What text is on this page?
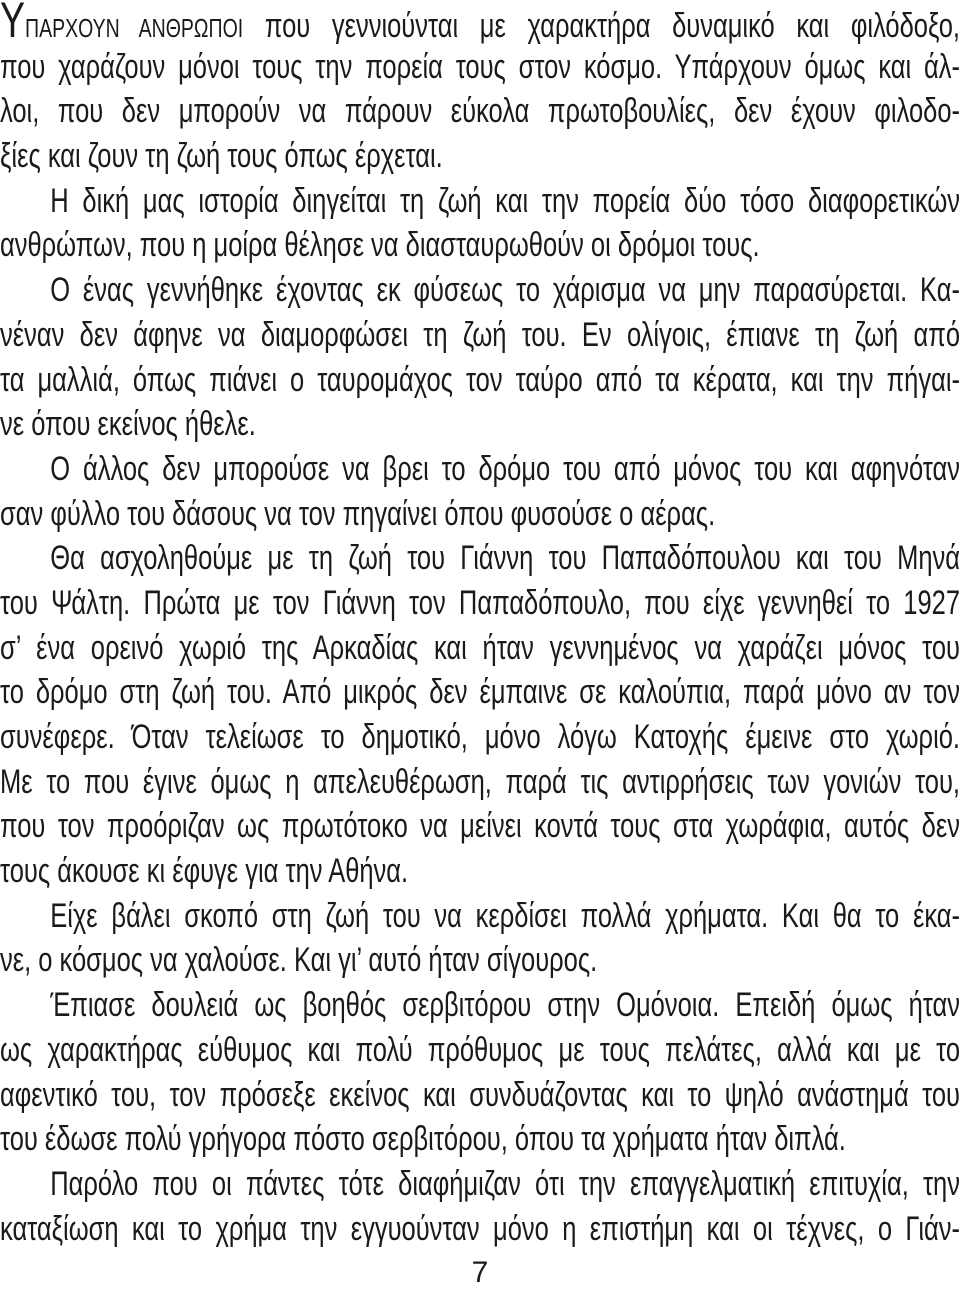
ΥΠΑΡΧΟΥΝ ΑΝΘΡΩΠΟΙ που γεννιούνται με χαρακτήρα δυναμικό και φιλόδοξο,
που χαράζουν μόνοι τους την πορεία τους στον κόσμο. Υπάρχουν όμως και άλ-
λοι, που δεν μπορούν να πάρουν εύκολα πρωτοβουλίες, δεν έχουν φιλοδο-
ξίες και ζουν τη ζωή τους όπως έρχεται.
Η δική μας ιστορία διηγείται τη ζωή και την πορεία δύο τόσο διαφορετικών
ανθρώπων, που η μοίρα θέλησε να διασταυρωθούν οι δρόμοι τους.
Ο ένας γεννήθηκε έχοντας εκ φύσεως το χάρισμα να μην παρασύρεται. Κα-
νέναν δεν άφηνε να διαμορφώσει τη ζωή του. Εν ολίγοις, έπιανε τη ζωή από
τα μαλλιά, όπως πιάνει ο ταυρομάχος τον ταύρο από τα κέρατα, και την πήγαι-
νε όπου εκείνος ήθελε.
Ο άλλος δεν μπορούσε να βρει το δρόμο του από μόνος του και αφηνόταν
σαν φύλλο του δάσους να τον πηγαίνει όπου φυσούσε ο αέρας.
Θα ασχοληθούμε με τη ζωή του Γιάννη του Παπαδόπουλου και του Μηνά
του Ψάλτη. Πρώτα με τον Γιάννη τον Παπαδόπουλο, που είχε γεννηθεί το 1927
σ’ ένα ορεινό χωριό της Αρκαδίας και ήταν γεννημένος να χαράζει μόνος του
το δρόμο στη ζωή του. Από μικρός δεν έμπαινε σε καλούπια, παρά μόνο αν τον
συνέφερε. Όταν τελείωσε το δημοτικό, μόνο λόγω Κατοχής έμεινε στο χωριό.
Με το που έγινε όμως η απελευθέρωση, παρά τις αντιρρήσεις των γονιών του,
που τον προόριζαν ως πρωτότοκο να μείνει κοντά τους στα χωράφια, αυτός δεν
τους άκουσε κι έφυγε για την Αθήνα.
Είχε βάλει σκοπό στη ζωή του να κερδίσει πολλά χρήματα. Και θα το έκα-
νε, ο κόσμος να χαλούσε. Και γι’ αυτό ήταν σίγουρος.
Έπιασε δουλειά ως βοηθός σερβιτόρου στην Ομόνοια. Επειδή όμως ήταν
ως χαρακτήρας εύθυμος και πολύ πρόθυμος με τους πελάτες, αλλά και με το
αφεντικό του, τον πρόσεξε εκείνος και συνδυάζοντας και το ψηλό ανάστημά του
του έδωσε πολύ γρήγορα πόστο σερβιτόρου, όπου τα χρήματα ήταν διπλά.
Παρόλο που οι πάντες τότε διαφήμιζαν ότι την επαγγελματική επιτυχία, την
καταξίωση και το χρήμα την εγγυούνταν μόνο η επιστήμη και οι τέχνες, ο Γιάν-
7
